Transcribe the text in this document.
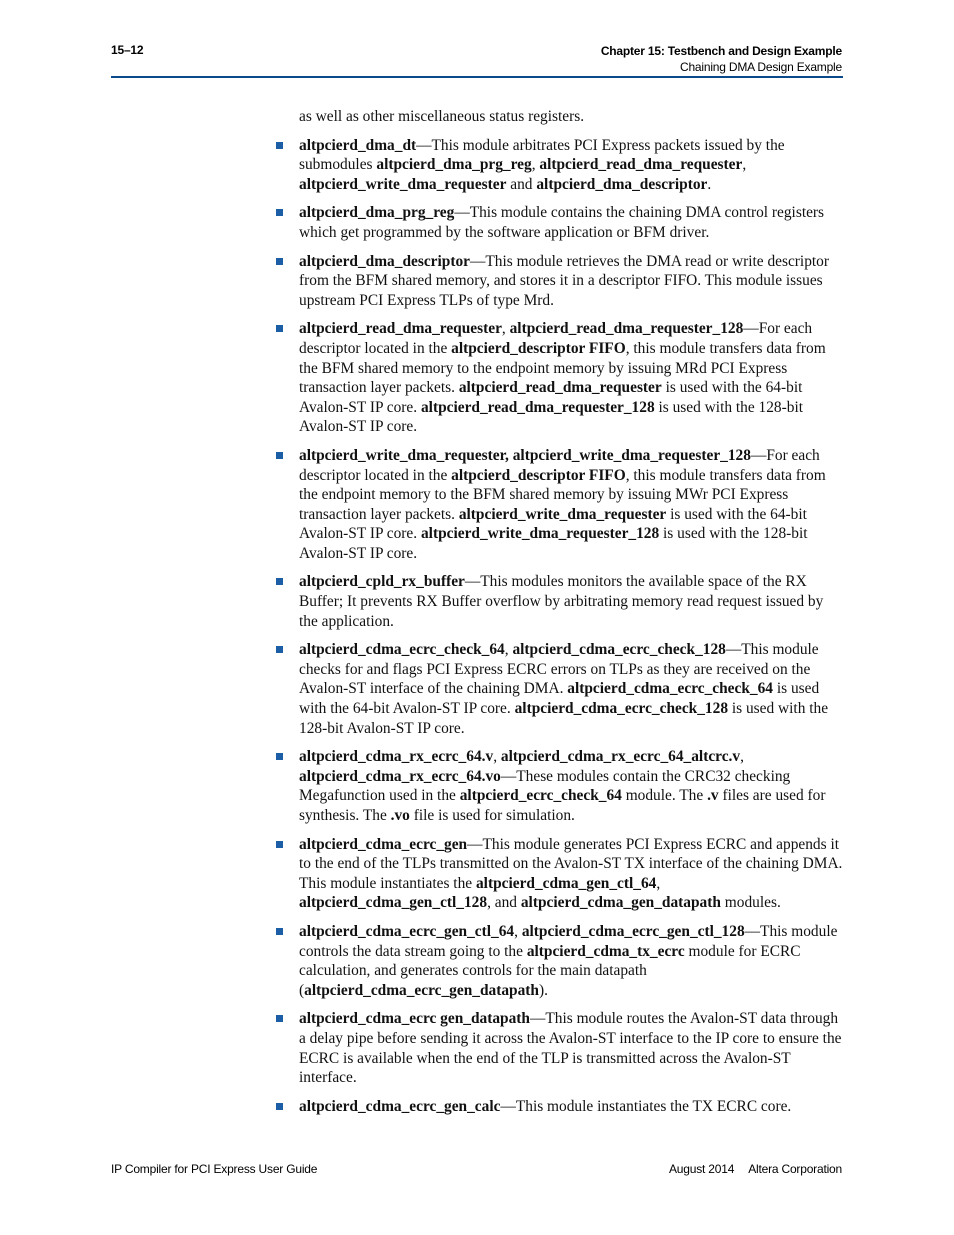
15–12	Chapter 15: Testbench and Design Example
Chaining DMA Design Example

as well as other miscellaneous status registers.

altpcierd_dma_dt—This module arbitrates PCI Express packets issued by the submodules altpcierd_dma_prg_reg, altpcierd_read_dma_requester, altpcierd_write_dma_requester and altpcierd_dma_descriptor.
altpcierd_dma_prg_reg—This module contains the chaining DMA control registers which get programmed by the software application or BFM driver.
altpcierd_dma_descriptor—This module retrieves the DMA read or write descriptor from the BFM shared memory, and stores it in a descriptor FIFO. This module issues upstream PCI Express TLPs of type Mrd.
altpcierd_read_dma_requester, altpcierd_read_dma_requester_128—For each descriptor located in the altpcierd_descriptor FIFO, this module transfers data from the BFM shared memory to the endpoint memory by issuing MRd PCI Express transaction layer packets. altpcierd_read_dma_requester is used with the 64-bit Avalon-ST IP core. altpcierd_read_dma_requester_128 is used with the 128-bit Avalon-ST IP core.
altpcierd_write_dma_requester, altpcierd_write_dma_requester_128—For each descriptor located in the altpcierd_descriptor FIFO, this module transfers data from the endpoint memory to the BFM shared memory by issuing MWr PCI Express transaction layer packets. altpcierd_write_dma_requester is used with the 64-bit Avalon-ST IP core. altpcierd_write_dma_requester_128 is used with the 128-bit Avalon-ST IP core.
altpcierd_cpld_rx_buffer—This modules monitors the available space of the RX Buffer; It prevents RX Buffer overflow by arbitrating memory read request issued by the application.
altpcierd_cdma_ecrc_check_64, altpcierd_cdma_ecrc_check_128—This module checks for and flags PCI Express ECRC errors on TLPs as they are received on the Avalon-ST interface of the chaining DMA. altpcierd_cdma_ecrc_check_64 is used with the 64-bit Avalon-ST IP core. altpcierd_cdma_ecrc_check_128 is used with the 128-bit Avalon-ST IP core.
altpcierd_cdma_rx_ecrc_64.v, altpcierd_cdma_rx_ecrc_64_altcrc.v, altpcierd_cdma_rx_ecrc_64.vo—These modules contain the CRC32 checking Megafunction used in the altpcierd_ecrc_check_64 module. The .v files are used for synthesis. The .vo file is used for simulation.
altpcierd_cdma_ecrc_gen—This module generates PCI Express ECRC and appends it to the end of the TLPs transmitted on the Avalon-ST TX interface of the chaining DMA. This module instantiates the altpcierd_cdma_gen_ctl_64, altpcierd_cdma_gen_ctl_128, and altpcierd_cdma_gen_datapath modules.
altpcierd_cdma_ecrc_gen_ctl_64, altpcierd_cdma_ecrc_gen_ctl_128—This module controls the data stream going to the altpcierd_cdma_tx_ecrc module for ECRC calculation, and generates controls for the main datapath (altpcierd_cdma_ecrc_gen_datapath).
altpcierd_cdma_ecrc gen_datapath—This module routes the Avalon-ST data through a delay pipe before sending it across the Avalon-ST interface to the IP core to ensure the ECRC is available when the end of the TLP is transmitted across the Avalon-ST interface.
altpcierd_cdma_ecrc_gen_calc—This module instantiates the TX ECRC core.
IP Compiler for PCI Express User Guide	August 2014 Altera Corporation
